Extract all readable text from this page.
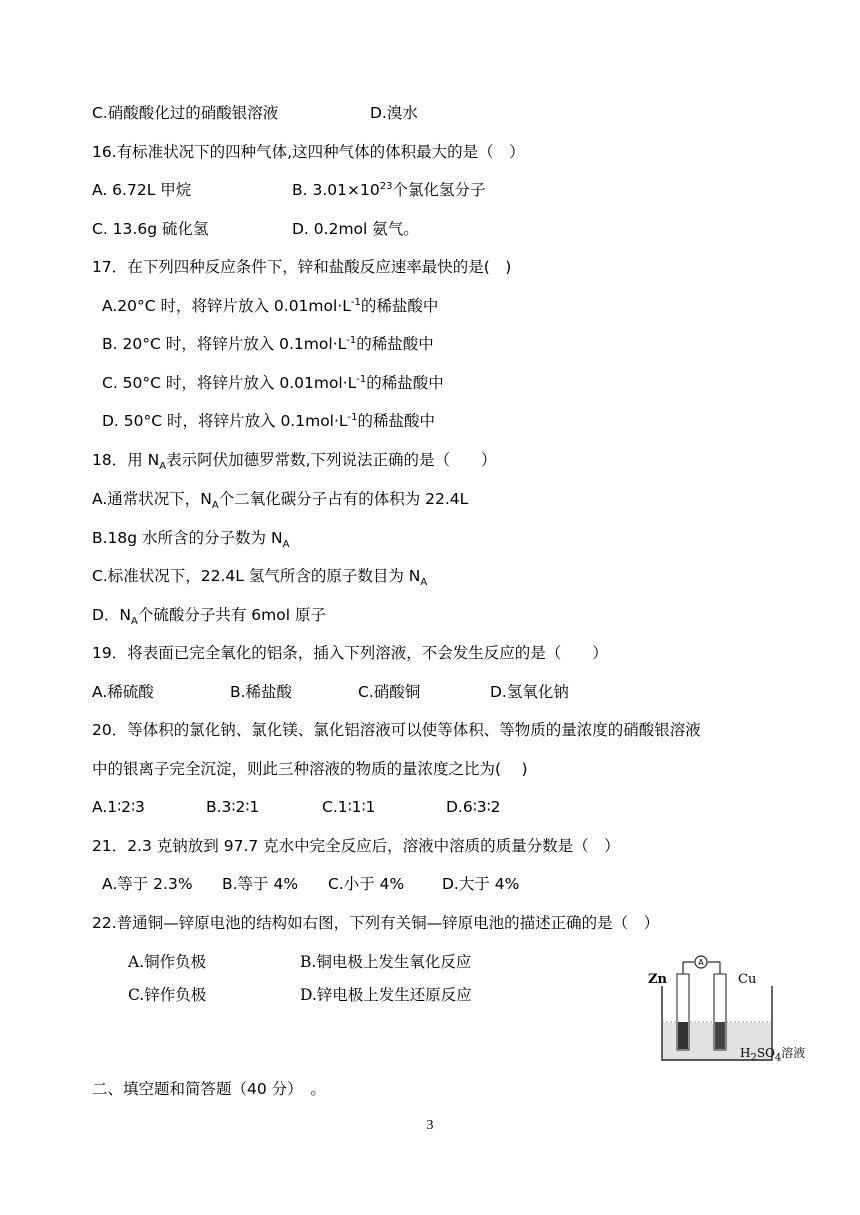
C.硝酸酸化过的硝酸银溶液	D.溴水
16.有标准状况下的四种气体,这四种气体的体积最大的是（　）
A. 6.72L 甲烷	B. $3.01\times 10^{23}$个氯化氢分子
C. 13.6g 硫化氢	D. 0.2mol 氨气。
17．在下列四种反应条件下，锌和盐酸反应速率最快的是(　)
A.20°C 时，将锌片放入 $0.01mol\cdot L^{-1}$的稀盐酸中
B. 20°C 时，将锌片放入 $0.1mol\cdot L^{-1}$的稀盐酸中
C. 50°C 时，将锌片放入 $0.01mol\cdot L^{-1}$的稀盐酸中
D. 50°C 时，将锌片放入 $0.1mol\cdot L^{-1}$的稀盐酸中
18．用 $N_A$表示阿伏加德罗常数,下列说法正确的是（　　）
A.通常状况下，$N_A$个二氧化碳分子占有的体积为 22.4L
B.18g 水所含的分子数为 $N_A$
C.标准状况下，22.4L 氢气所含的原子数目为 $N_A$
D．$N_A$个硫酸分子共有 6mol 原子
19．将表面已完全氧化的铝条，插入下列溶液，不会发生反应的是（　　）
A.稀硫酸	B.稀盐酸	C.硝酸铜	D.氢氧化钠
20．等体积的氯化钠、氯化镁、氯化铝溶液可以使等体积、等物质的量浓度的硝酸银溶液
中的银离子完全沉淀，则此三种溶液的物质的量浓度之比为(　 )
A.1∶2∶3	B.3∶2∶1	C.1∶1∶1	D.6∶3∶2
21．2.3 克钠放到 97.7 克水中完全反应后，溶液中溶质的质量分数是（　）
A.等于 2.3% B.等于 4% C.小于 4% D.大于 4%
22.普通铜—锌原电池的结构如右图，下列有关铜—锌原电池的描述正确的是（　）
A.铜作负极	B.铜电极上发生氧化反应
C.锌作负极	D.锌电极上发生还原反应
A
Zn	Cu
$H_2SO_4$溶液
二、填空题和简答题（40 分）　。
3
